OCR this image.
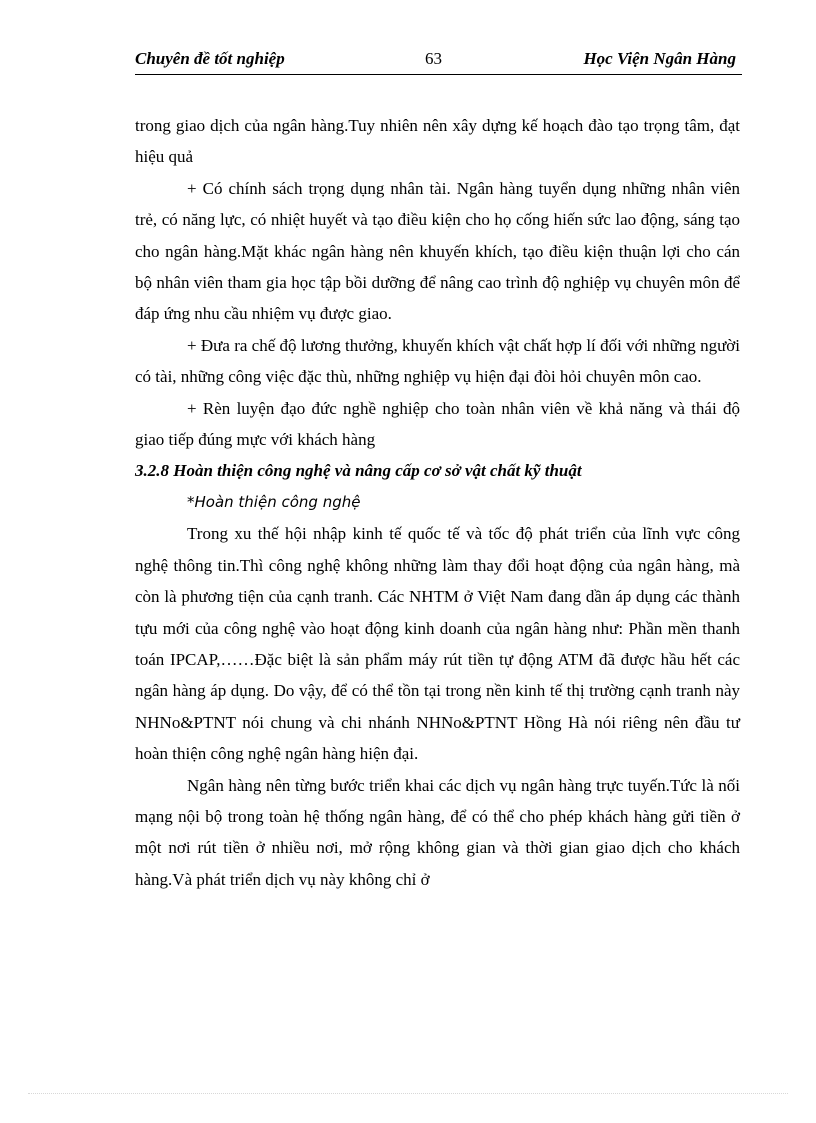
Chuyên đề tốt nghiệp	63	Học Viện Ngân Hàng

trong giao dịch của ngân hàng.Tuy nhiên nên xây dựng kế hoạch đào tạo trọng tâm, đạt hiệu quả

+ Có chính sách trọng dụng nhân tài. Ngân hàng tuyển dụng những nhân viên trẻ, có năng lực, có nhiệt huyết và tạo điều kiện cho họ cống hiến sức lao động, sáng tạo cho ngân hàng.Mặt khác ngân hàng nên khuyến khích, tạo điều kiện thuận lợi cho cán bộ nhân viên tham gia học tập bồi dưỡng để nâng cao trình độ nghiệp vụ chuyên môn để đáp ứng nhu cầu nhiệm vụ được giao.

+ Đưa ra chế độ lương thưởng, khuyến khích vật chất hợp lí đối với những người có tài, những công việc đặc thù, những nghiệp vụ hiện đại đòi hỏi chuyên môn cao.

+ Rèn luyện đạo đức nghề nghiệp cho toàn nhân viên về khả năng và thái độ giao tiếp đúng mực với khách hàng

3.2.8 Hoàn thiện công nghệ và nâng cấp cơ sở vật chất kỹ thuật

*Hoàn thiện công nghệ

Trong xu thế hội nhập kinh tế quốc tế và tốc độ phát triển của lĩnh vực công nghệ thông tin.Thì công nghệ không những làm thay đổi hoạt động của ngân hàng, mà còn là phương tiện của cạnh tranh. Các NHTM ở Việt Nam đang dần áp dụng các thành tựu mới của công nghệ vào hoạt động kinh doanh của ngân hàng như: Phần mền thanh toán IPCAP,……Đặc biệt là sản phẩm máy rút tiền tự động ATM đã được hầu hết các ngân hàng áp dụng. Do vậy, để có thể tồn tại trong nền kinh tế thị trường cạnh tranh này NHNo&PTNT nói chung và chi nhánh NHNo&PTNT Hồng Hà nói riêng nên đầu tư hoàn thiện công nghệ ngân hàng hiện đại.

Ngân hàng nên từng bước triển khai các dịch vụ ngân hàng trực tuyến.Tức là nối mạng nội bộ trong toàn hệ thống ngân hàng, để có thể cho phép khách hàng gửi tiền ở một nơi rút tiền ở nhiều nơi, mở rộng không gian và thời gian giao dịch cho khách hàng.Và phát triển dịch vụ này không chỉ ở
